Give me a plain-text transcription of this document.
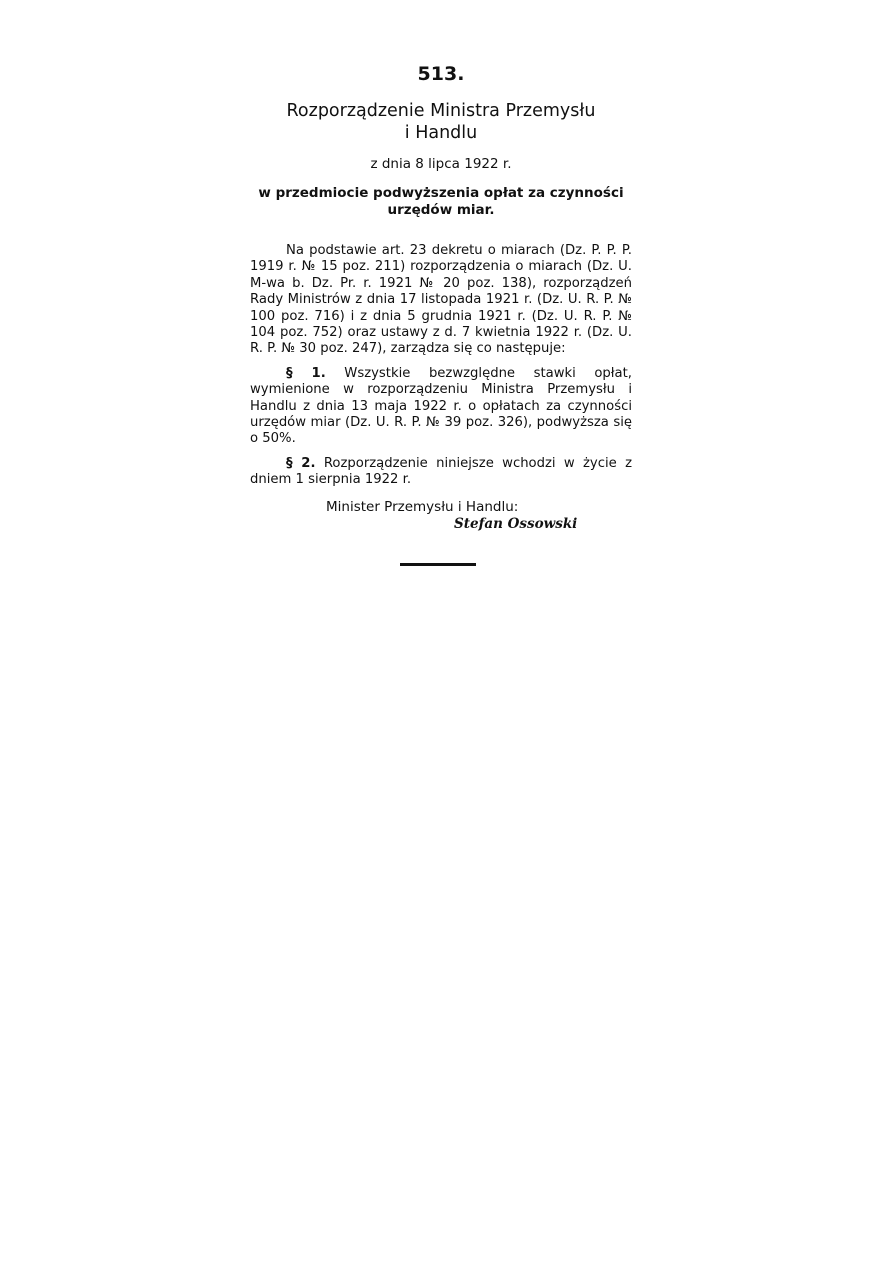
513.

Rozporządzenie Ministra Przemysłu
i Handlu

z dnia 8 lipca 1922 r.

w przedmiocie podwyższenia opłat za czynności
urzędów miar.

Na podstawie art. 23 dekretu o miarach (Dz. P. P. P. 1919 r. № 15 poz. 211) rozporządzenia o miarach (Dz. U. M-wa b. Dz. Pr. r. 1921 № 20 poz. 138), rozporządzeń Rady Ministrów z dnia 17 listopada 1921 r. (Dz. U. R. P. № 100 poz. 716) i z dnia 5 grudnia 1921 r. (Dz. U. R. P. № 104 poz. 752) oraz ustawy z d. 7 kwietnia 1922 r. (Dz. U. R. P. № 30 poz. 247), zarządza się co następuje:

§ 1. Wszystkie bezwzględne stawki opłat, wymienione w rozporządzeniu Ministra Przemysłu i Handlu z dnia 13 maja 1922 r. o opłatach za czynności urzędów miar (Dz. U. R. P. № 39 poz. 326), podwyższa się o 50%.

§ 2. Rozporządzenie niniejsze wchodzi w życie z dniem 1 sierpnia 1922 r.

Minister Przemysłu i Handlu:
Stefan Ossowski
